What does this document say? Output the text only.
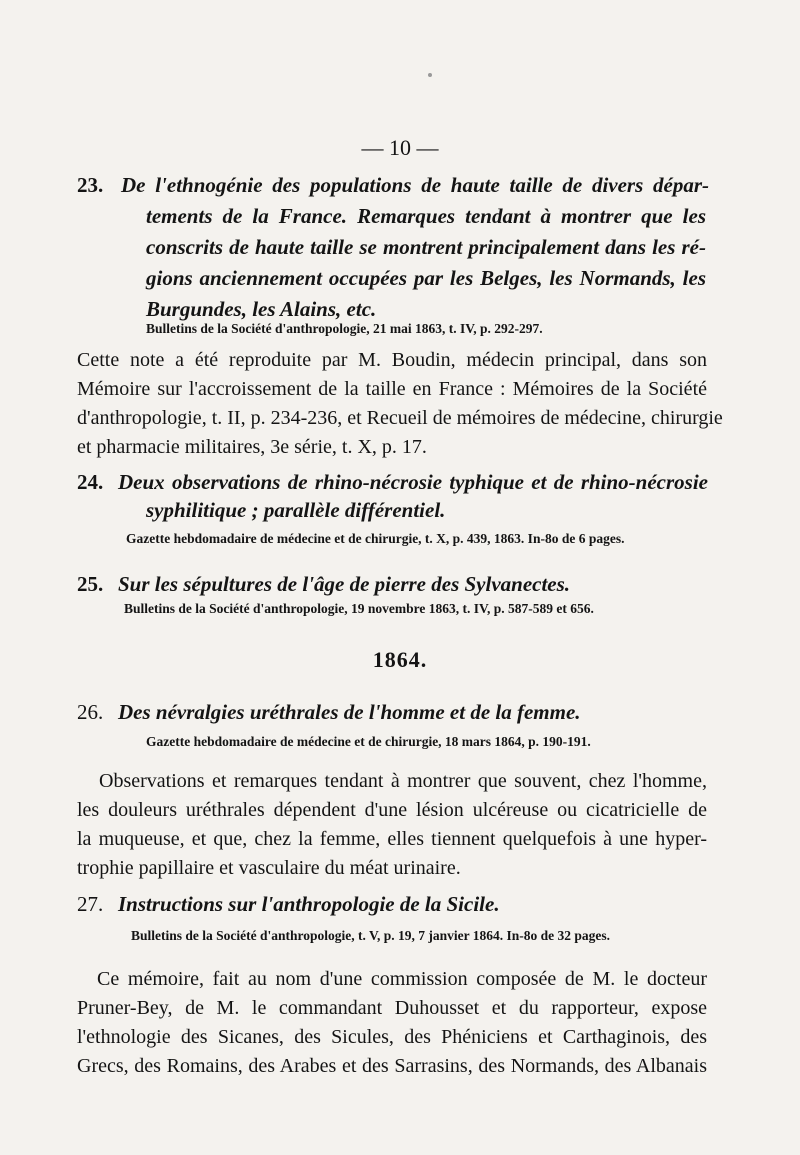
— 10 —
23. De l'ethnogénie des populations de haute taille de divers dépar-
tements de la France. Remarques tendant à montrer que les
conscrits de haute taille se montrent principalement dans les ré-
gions anciennement occupées par les Belges, les Normands, les
Burgundes, les Alains, etc.
Bulletins de la Société d'anthropologie, 21 mai 1863, t. IV, p. 292-297.
Cette note a été reproduite par M. Boudin, médecin principal, dans son
Mémoire sur l'accroissement de la taille en France : Mémoires de la Société
d'anthropologie, t. II, p. 234-236, et Recueil de mémoires de médecine, chirurgie
et pharmacie militaires, 3e série, t. X, p. 17.
24. Deux observations de rhino-nécrosie typhique et de rhino-nécrosie
syphilitique ; parallèle différentiel.
Gazette hebdomadaire de médecine et de chirurgie, t. X, p. 439, 1863. In-8o de 6 pages.
25. Sur les sépultures de l'âge de pierre des Sylvanectes.
Bulletins de la Société d'anthropologie, 19 novembre 1863, t. IV, p. 587-589 et 656.
1864.
26. Des névralgies uréthrales de l'homme et de la femme.
Gazette hebdomadaire de médecine et de chirurgie, 18 mars 1864, p. 190-191.
Observations et remarques tendant à montrer que souvent, chez l'homme,
les douleurs uréthrales dépendent d'une lésion ulcéreuse ou cicatricielle de
la muqueuse, et que, chez la femme, elles tiennent quelquefois à une hyper-
trophie papillaire et vasculaire du méat urinaire.
27. Instructions sur l'anthropologie de la Sicile.
Bulletins de la Société d'anthropologie, t. V, p. 19, 7 janvier 1864. In-8o de 32 pages.
Ce mémoire, fait au nom d'une commission composée de M. le docteur
Pruner-Bey, de M. le commandant Duhousset et du rapporteur, expose
l'ethnologie des Sicanes, des Sicules, des Phéniciens et Carthaginois, des
Grecs, des Romains, des Arabes et des Sarrasins, des Normands, des Albanais
